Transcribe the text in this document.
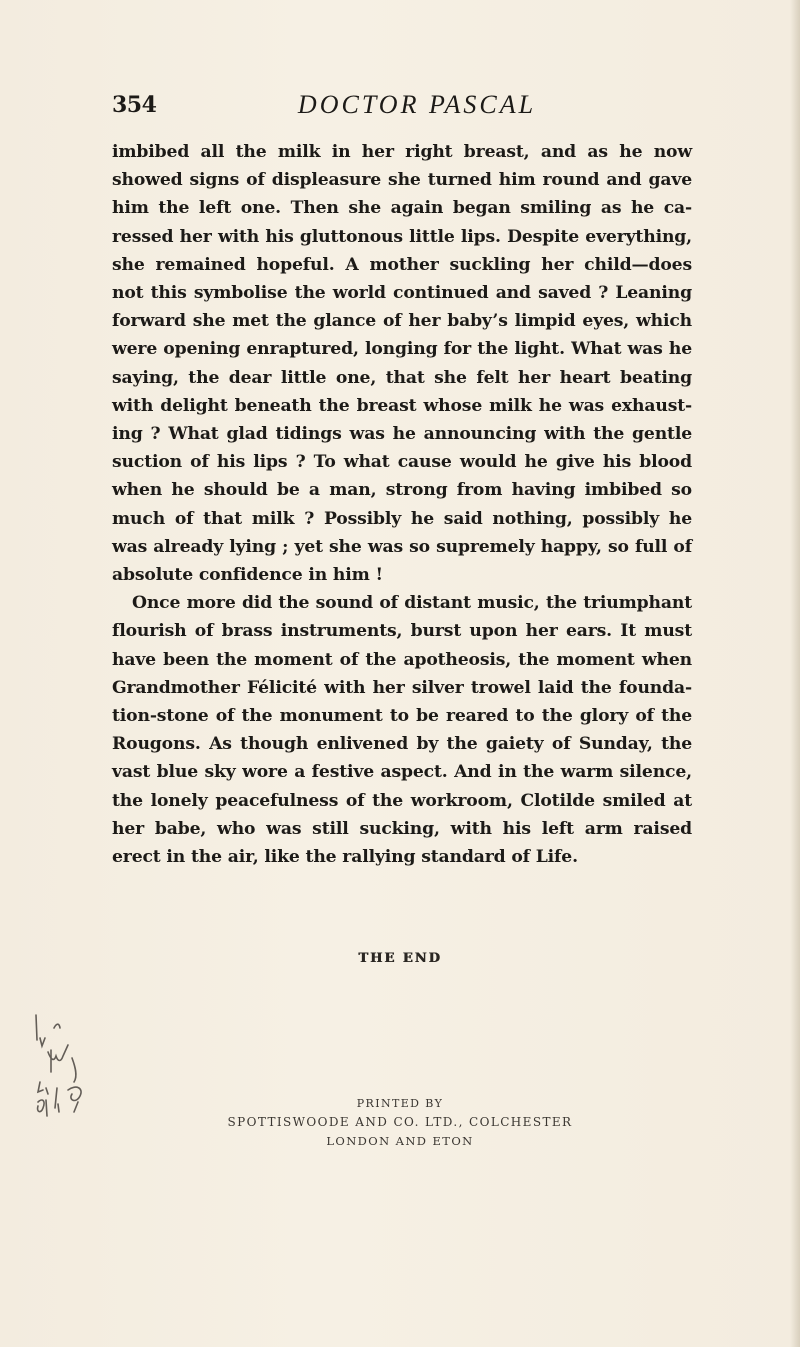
354	DOCTOR PASCAL

imbibed all the milk in her right breast, and as he now showed signs of displeasure she turned him round and gave him the left one. Then she again began smiling as he ca-ressed her with his gluttonous little lips. Despite everything, she remained hopeful. A mother suckling her child—does not this symbolise the world continued and saved ? Leaning forward she met the glance of her baby’s limpid eyes, which were opening enraptured, longing for the light. What was he saying, the dear little one, that she felt her heart beating with delight beneath the breast whose milk he was exhaust-ing ? What glad tidings was he announcing with the gentle suction of his lips ? To what cause would he give his blood when he should be a man, strong from having imbibed so much of that milk ? Possibly he said nothing, possibly he was already lying ; yet she was so supremely happy, so full of absolute confidence in him !

Once more did the sound of distant music, the triumphant flourish of brass instruments, burst upon her ears. It must have been the moment of the apotheosis, the moment when Grandmother Félicité with her silver trowel laid the founda-tion-stone of the monument to be reared to the glory of the Rougons. As though enlivened by the gaiety of Sunday, the vast blue sky wore a festive aspect. And in the warm silence, the lonely peacefulness of the workroom, Clotilde smiled at her babe, who was still sucking, with his left arm raised erect in the air, like the rallying standard of Life.

THE END
PRINTED BY
SPOTTISWOODE AND CO. LTD., COLCHESTER
LONDON AND ETON
